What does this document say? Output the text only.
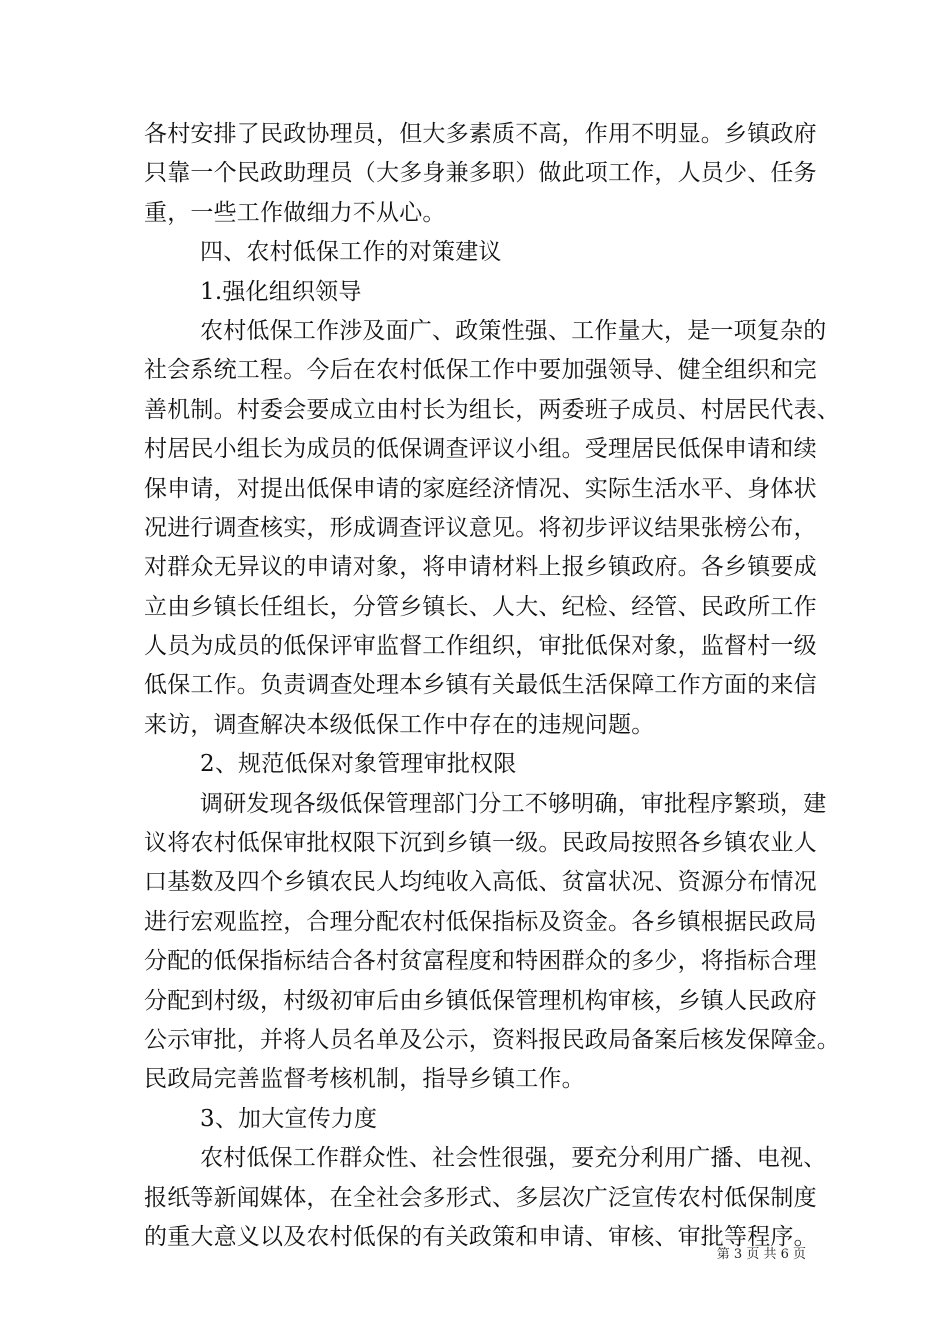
各村安排了民政协理员，但大多素质不高，作用不明显。乡镇政府
只靠一个民政助理员（大多身兼多职）做此项工作，人员少、任务
重，一些工作做细力不从心。
四、农村低保工作的对策建议
1.强化组织领导
农村低保工作涉及面广、政策性强、工作量大，是一项复杂的
社会系统工程。今后在农村低保工作中要加强领导、健全组织和完
善机制。村委会要成立由村长为组长，两委班子成员、村居民代表、
村居民小组长为成员的低保调查评议小组。受理居民低保申请和续
保申请，对提出低保申请的家庭经济情况、实际生活水平、身体状
况进行调查核实，形成调查评议意见。将初步评议结果张榜公布，
对群众无异议的申请对象，将申请材料上报乡镇政府。各乡镇要成
立由乡镇长任组长，分管乡镇长、人大、纪检、经管、民政所工作
人员为成员的低保评审监督工作组织，审批低保对象，监督村一级
低保工作。负责调查处理本乡镇有关最低生活保障工作方面的来信
来访，调查解决本级低保工作中存在的违规问题。
2、规范低保对象管理审批权限
调研发现各级低保管理部门分工不够明确，审批程序繁琐，建
议将农村低保审批权限下沉到乡镇一级。民政局按照各乡镇农业人
口基数及四个乡镇农民人均纯收入高低、贫富状况、资源分布情况
进行宏观监控，合理分配农村低保指标及资金。各乡镇根据民政局
分配的低保指标结合各村贫富程度和特困群众的多少，将指标合理
分配到村级，村级初审后由乡镇低保管理机构审核，乡镇人民政府
公示审批，并将人员名单及公示，资料报民政局备案后核发保障金。
民政局完善监督考核机制，指导乡镇工作。
3、加大宣传力度
农村低保工作群众性、社会性很强，要充分利用广播、电视、
报纸等新闻媒体，在全社会多形式、多层次广泛宣传农村低保制度
的重大意义以及农村低保的有关政策和申请、审核、审批等程序。
第 3 页 共 6 页
